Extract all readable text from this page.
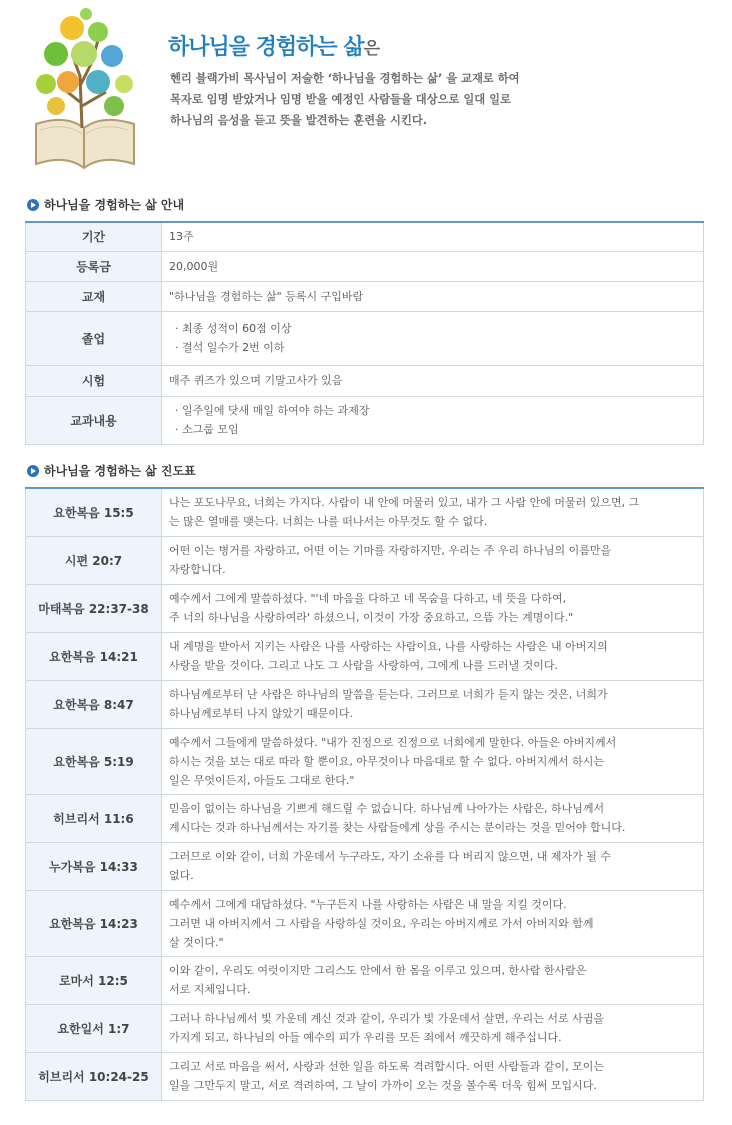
하나님을 경험하는 삶은
헨리 블랙가비 목사님이 저술한 ‘하나님을 경험하는 삶’ 을 교재로 하여
목자로 임명 받았거나 임명 받을 예정인 사람들을 대상으로 일대 일로
하나님의 음성을 듣고 뜻을 발견하는 훈련을 시킨다.
하나님을 경험하는 삶 안내
기간	13주

등록금	20,000원

교재	"하나님을 경험하는 삶" 등록시 구입바람

졸업	· 최종 성적이 60점 이상
· 결석 일수가 2번 이하

시험	매주 퀴즈가 있으며 기말고사가 있음

교과내용	· 일주일에 닷새 매일 하여야 하는 과제장
· 소그룹 모임
하나님을 경험하는 삶 진도표
요한복음 15:5	나는 포도나무요, 너희는 가지다. 사람이 내 안에 머물러 있고, 내가 그 사람 안에 머물러 있으면, 그
는 많은 열매를 맺는다. 너희는 나를 떠나서는 아무것도 할 수 없다.

시편 20:7	어떤 이는 병거를 자랑하고, 어떤 이는 기마를 자랑하지만, 우리는 주 우리 하나님의 이름만을
자랑합니다.

마태복음 22:37-38	예수께서 그에게 말씀하셨다. "'네 마음을 다하고 네 목숨을 다하고, 네 뜻을 다하여,
주 너의 하나님을 사랑하여라' 하셨으니, 이것이 가장 중요하고, 으뜸 가는 계명이다."

요한복음 14:21	내 계명을 받아서 지키는 사람은 나를 사랑하는 사람이요, 나를 사랑하는 사람은 내 아버지의
사랑을 받을 것이다. 그리고 나도 그 사람을 사랑하여, 그에게 나를 드러낼 것이다.

요한복음 8:47	하나님께로부터 난 사람은 하나님의 말씀을 듣는다. 그러므로 너희가 듣지 않는 것은, 너희가
하나님께로부터 나지 않았기 때문이다.

요한복음 5:19	예수께서 그들에게 말씀하셨다. "내가 진정으로 진정으로 너희에게 말한다. 아들은 아버지께서
하시는 것을 보는 대로 따라 할 뿐이요, 아무것이나 마음대로 할 수 없다. 아버지께서 하시는
일은 무엇이든지, 아들도 그대로 한다."

히브리서 11:6	믿음이 없이는 하나님을 기쁘게 해드릴 수 없습니다. 하나님께 나아가는 사람은, 하나님께서
계시다는 것과 하나님께서는 자기를 찾는 사람들에게 상을 주시는 분이라는 것을 믿어야 합니다.

누가복음 14:33	그러므로 이와 같이, 너희 가운데서 누구라도, 자기 소유를 다 버리지 않으면, 내 제자가 될 수
없다.

요한복음 14:23	예수께서 그에게 대답하셨다. "누구든지 나를 사랑하는 사람은 내 말을 지킬 것이다.
그러면 내 아버지께서 그 사람을 사랑하실 것이요, 우리는 아버지께로 가서 아버지와 함께
살 것이다."

로마서 12:5	이와 같이, 우리도 여럿이지만 그리스도 안에서 한 몸을 이루고 있으며, 한사람 한사람은
서로 지체입니다.

요한일서 1:7	그러나 하나님께서 빛 가운데 계신 것과 같이, 우리가 빛 가운데서 살면, 우리는 서로 사귐을
가지게 되고, 하나님의 아들 예수의 피가 우리를 모든 죄에서 깨끗하게 해주십니다.

히브리서 10:24-25	그리고 서로 마음을 써서, 사랑과 선한 일을 하도록 격려합시다. 어떤 사람들과 같이, 모이는
일을 그만두지 말고, 서로 격려하여, 그 날이 가까이 오는 것을 볼수록 더욱 힘써 모입시다.
